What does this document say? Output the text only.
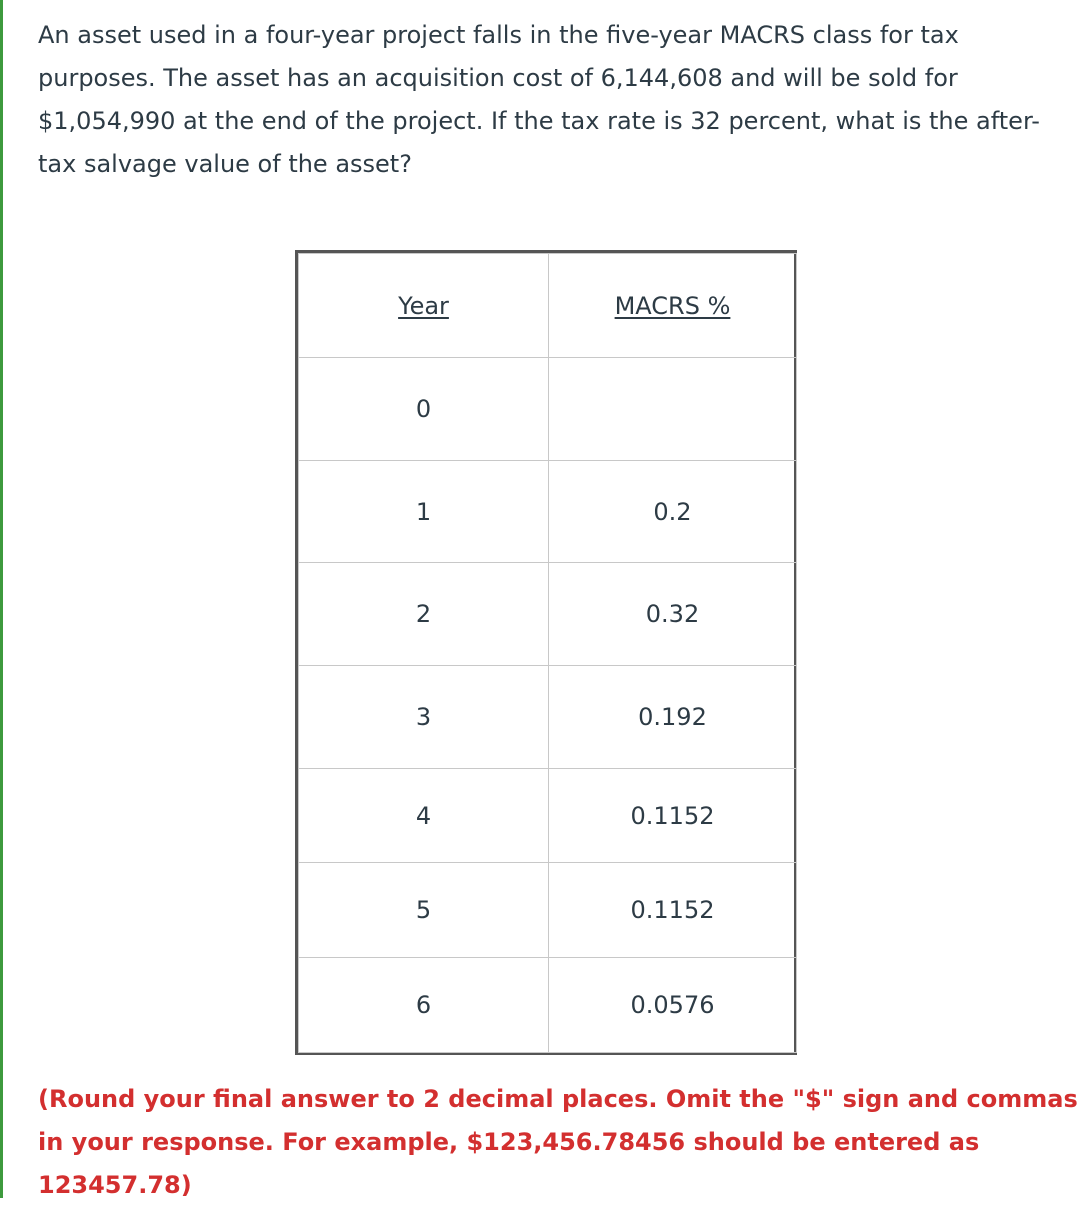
An asset used in a four-year project falls in the five-year MACRS class for tax purposes. The asset has an acquisition cost of 6,144,608 and will be sold for $1,054,990 at the end of the project. If the tax rate is 32 percent, what is the after-tax salvage value of the asset?

Year	MACRS %
0	
1	0.2
2	0.32
3	0.192
4	0.1152
5	0.1152
6	0.0576

(Round your final answer to 2 decimal places. Omit the "$" sign and commas in your response. For example, $123,456.78456 should be entered as 123457.78)
